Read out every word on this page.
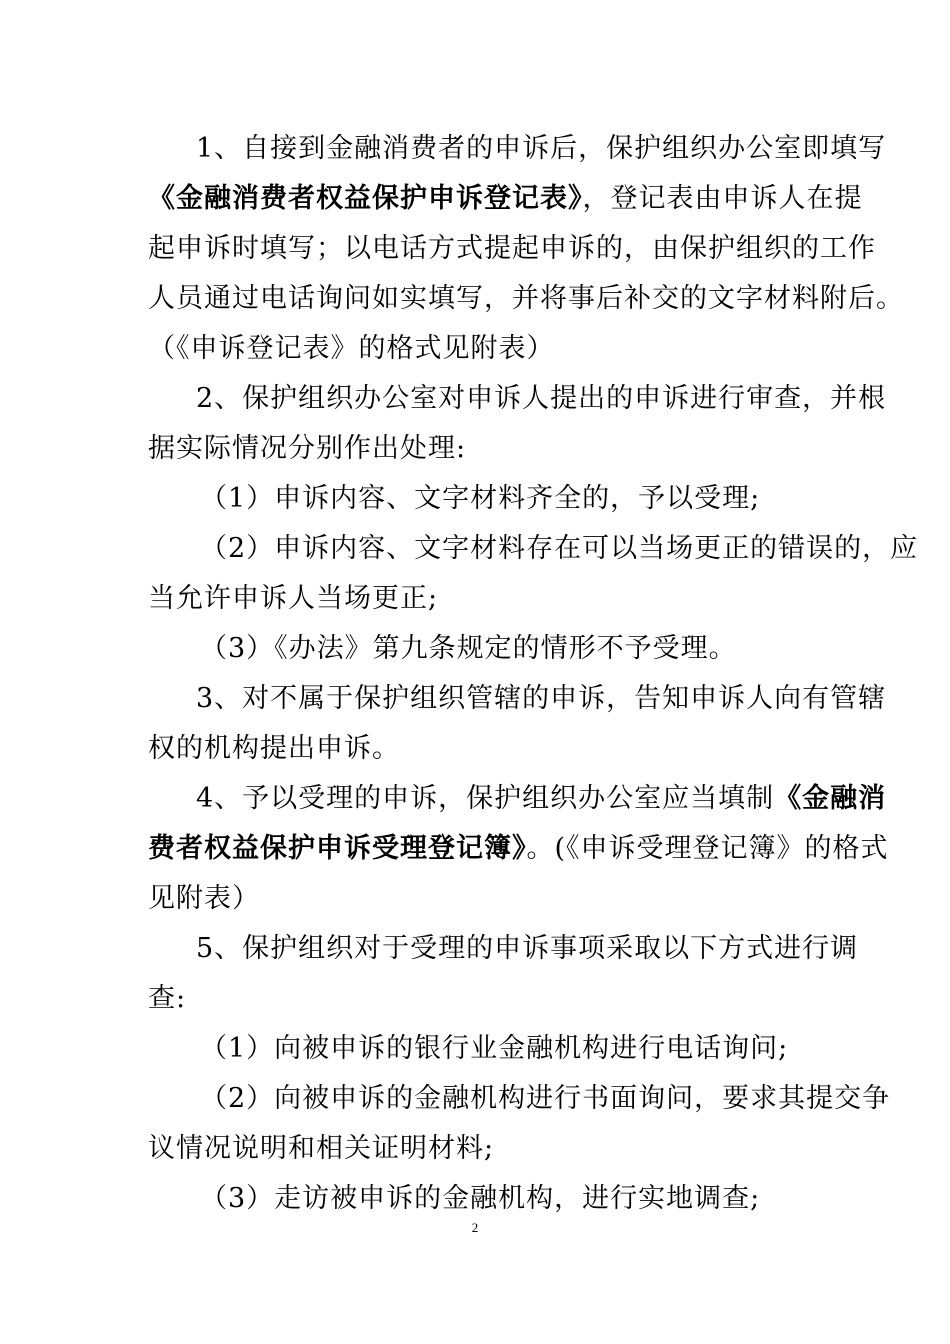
1、自接到金融消费者的申诉后，保护组织办公室即填写
《金融消费者权益保护申诉登记表》，登记表由申诉人在提
起申诉时填写；以电话方式提起申诉的，由保护组织的工作
人员通过电话询问如实填写，并将事后补交的文字材料附后。
（《申诉登记表》的格式见附表）
2、保护组织办公室对申诉人提出的申诉进行审查，并根
据实际情况分别作出处理:
（1）申诉内容、文字材料齐全的，予以受理;
（2）申诉内容、文字材料存在可以当场更正的错误的，应
当允许申诉人当场更正;
（3）《办法》第九条规定的情形不予受理。
3、对不属于保护组织管辖的申诉，告知申诉人向有管辖
权的机构提出申诉。
4、予以受理的申诉，保护组织办公室应当填制《金融消
费者权益保护申诉受理登记簿》。(《申诉受理登记簿》的格式
见附表）
5、保护组织对于受理的申诉事项采取以下方式进行调
查:
（1）向被申诉的银行业金融机构进行电话询问;
（2）向被申诉的金融机构进行书面询问，要求其提交争
议情况说明和相关证明材料;
（3）走访被申诉的金融机构，进行实地调查;
2
